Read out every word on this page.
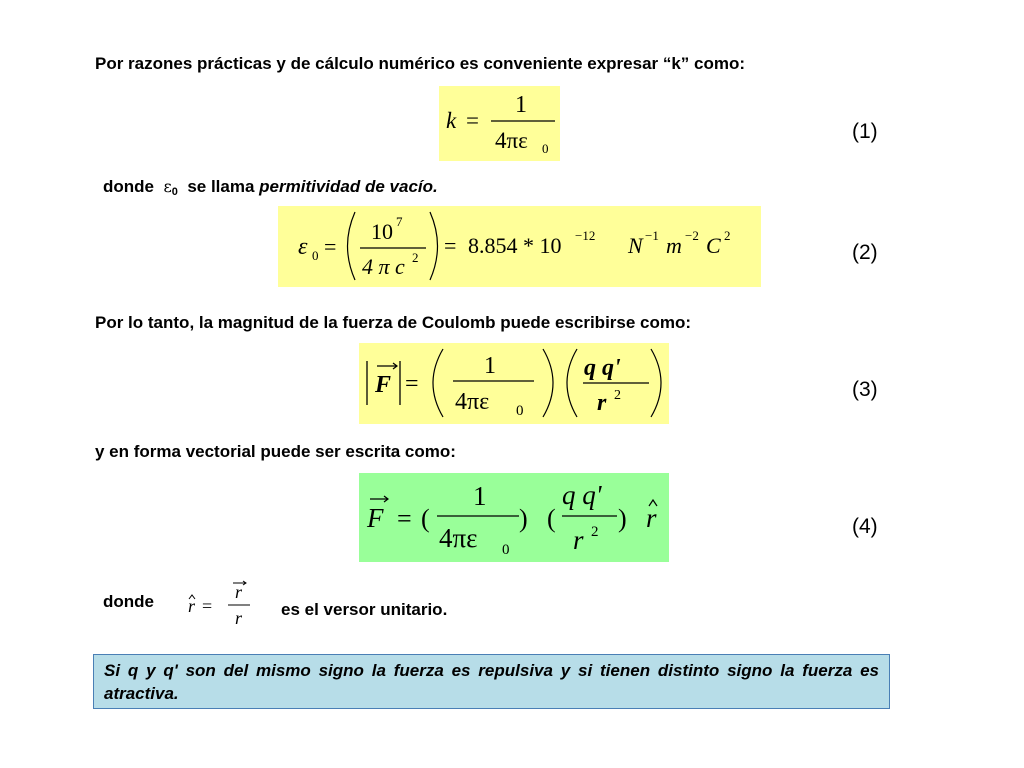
Por razones prácticas y de cálculo numérico es conveniente expresar “k” como:
k =
1
4πε 0
(1)
donde $\varepsilon_0$ se llama permitividad de vacío.
ε 0 =
10 7
4 π c 2 = 8.854 * 10 −12 N −1 m −2 C 2
(2)
Por lo tanto, la magnitud de la fuerza de Coulomb puede escribirse como:
F =
1
4πε 0
q q'
r 2	(3)
y en forma vectorial puede ser escrita como:
F = (
1
4πε 0
) (
q q'
r 2 ) r	(4)
donde r =
r
r es el versor unitario.
Si q y q' son del mismo signo la fuerza es repulsiva y si tienen distinto signo la fuerza es atractiva.
